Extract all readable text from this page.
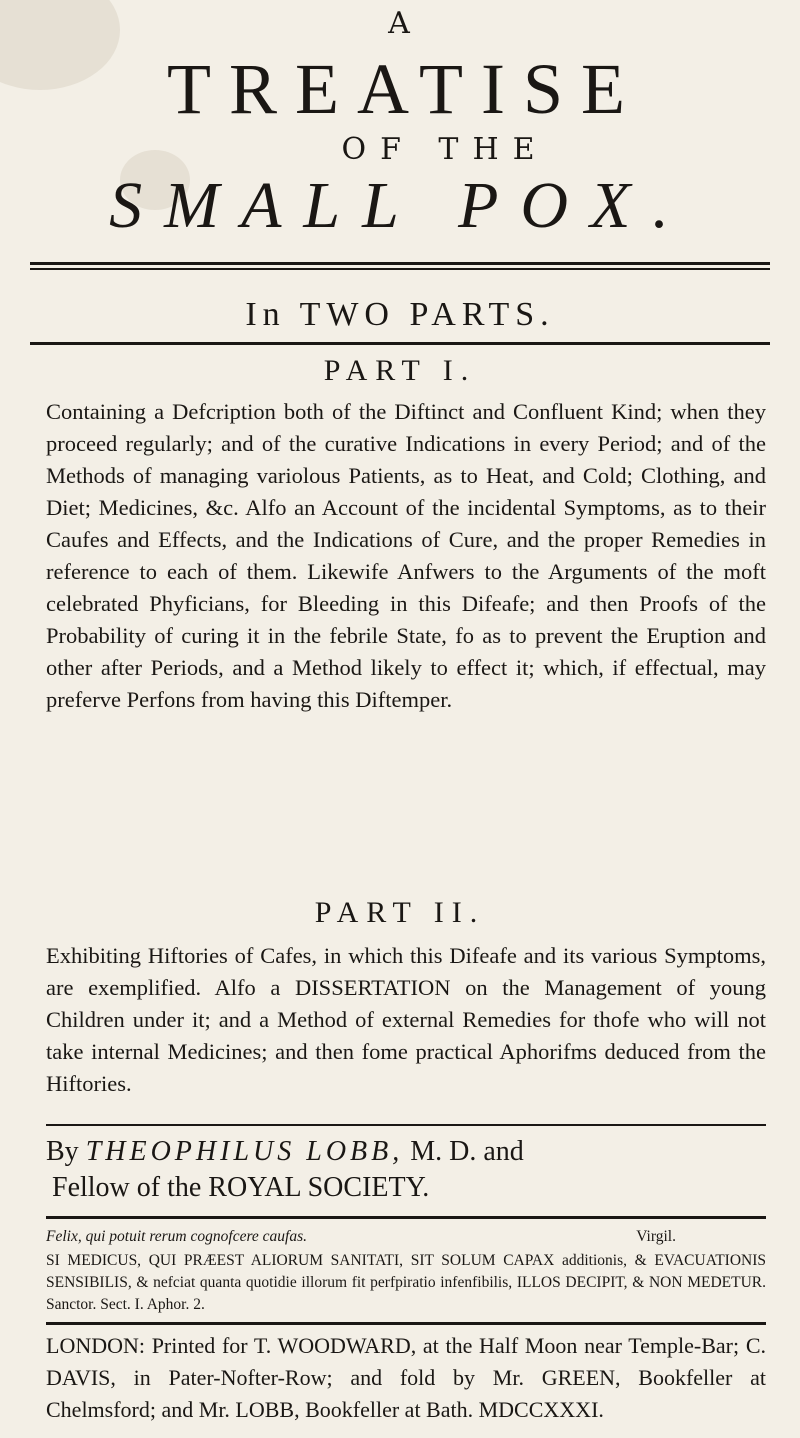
A
TREATISE
OF THE
SMALL POX.
In TWO PARTS.
PART I.
Containing a Defcription both of the Diftinct and Confluent Kind; when they proceed regularly; and of the curative Indications in every Period; and of the Methods of managing variolous Patients, as to Heat, and Cold; Clothing, and Diet; Medicines, &c. Alfo an Account of the incidental Symptoms, as to their Caufes and Effects, and the Indications of Cure, and the proper Remedies in reference to each of them. Likewife Anfwers to the Arguments of the moft celebrated Phyficians, for Bleeding in this Difeafe; and then Proofs of the Probability of curing it in the febrile State, fo as to prevent the Eruption and other after Periods, and a Method likely to effect it; which, if effectual, may preferve Perfons from having this Diftemper.
PART II.
Exhibiting Hiftories of Cafes, in which this Difeafe and its various Symptoms, are exemplified. Alfo a DISSERTATION on the Management of young Children under it; and a Method of external Remedies for thofe who will not take internal Medicines; and then fome practical Aphorifms deduced from the Hiftories.
By THEOPHILUS LOBB, M. D. and
Fellow of the ROYAL SOCIETY.
Felix, qui potuit rerum cognofcere caufas.	Virgil.
SI MEDICUS, QUI PRÆEST ALIORUM SANITATI, SIT SOLUM CAPAX additionis, & EVACUATIONIS SENSIBILIS, & nefciat quanta quotidie illorum fit perfpiratio infenfibilis, ILLOS DECIPIT, & NON MEDETUR. Sanctor. Sect. I. Aphor. 2.
LONDON: Printed for T. WOODWARD, at the Half Moon near Temple-Bar; C. DAVIS, in Pater-Nofter-Row; and fold by Mr. GREEN, Bookfeller at Chelmsford; and Mr. LOBB, Bookfeller at Bath. MDCCXXXI.
